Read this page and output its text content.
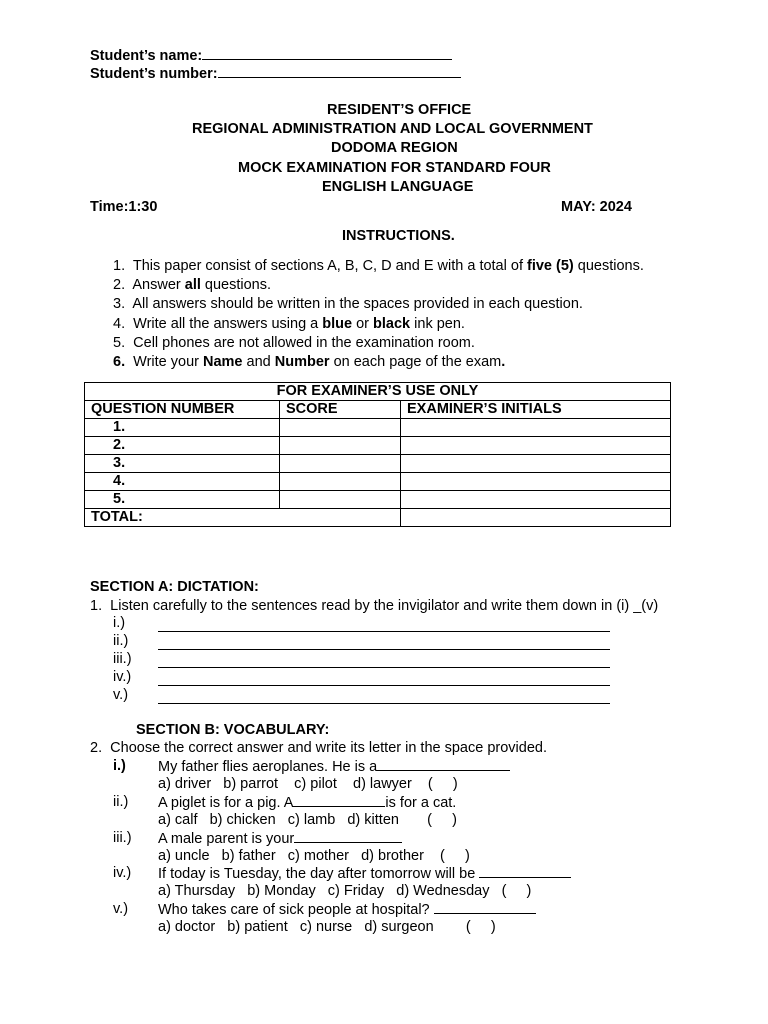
Student’s name:
Student’s number:
RESIDENT’S OFFICE
REGIONAL ADMINISTRATION AND LOCAL GOVERNMENT
DODOMA REGION
MOCK EXAMINATION FOR STANDARD FOUR
ENGLISH LANGUAGE
Time:1:30	MAY: 2024
INSTRUCTIONS.
1. This paper consist of sections A, B, C, D and E with a total of five (5) questions.
2. Answer all questions.
3. All answers should be written in the spaces provided in each question.
4. Write all the answers using a blue or black ink pen.
5. Cell phones are not allowed in the examination room.
6. Write your Name and Number on each page of the exam.
FOR EXAMINER’S USE ONLY		
QUESTION NUMBER	SCORE	EXAMINER’S INITIALS
1.		
2.		
3.		
4.		
5.		
TOTAL:		
SECTION A: DICTATION:
1. Listen carefully to the sentences read by the invigilator and write them down in (i) _(v)
i.)
ii.)
iii.)
iv.)
v.)
SECTION B: VOCABULARY:
2. Choose the correct answer and write its letter in the space provided.
i.) My father flies aeroplanes. He is a
a) driver   b) parrot    c) pilot    d) lawyer    (     )
ii.) A piglet is for a pig. A	is for a cat.
a) calf   b) chicken   c) lamb   d) kitten       (     )
iii.) A male parent is your
a) uncle   b) father   c) mother   d) brother    (     )
iv.) If today is Tuesday, the day after tomorrow will be
a) Thursday   b) Monday   c) Friday   d) Wednesday   (     )
v.) Who takes care of sick people at hospital?
a) doctor   b) patient   c) nurse   d) surgeon        (     )
